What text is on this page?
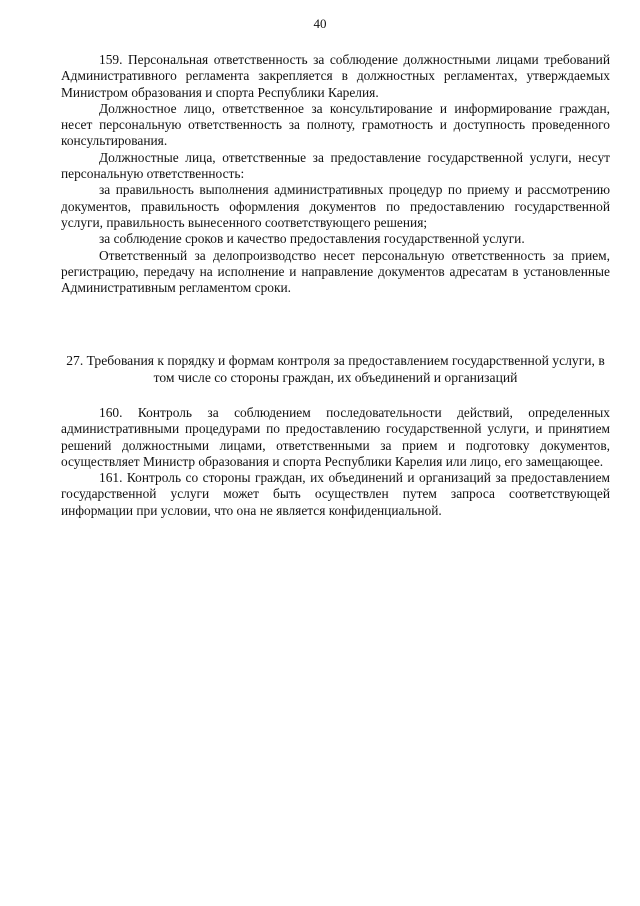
40

159. Персональная ответственность за соблюдение должностными лицами требований Административного регламента закрепляется в должностных регламентах, утверждаемых Министром образования и спорта Республики Карелия.

Должностное лицо, ответственное за консультирование и информирование граждан, несет персональную ответственность за полноту, грамотность и доступность проведенного консультирования.

Должностные лица, ответственные за предоставление государственной услуги, несут персональную ответственность:

за правильность выполнения административных процедур по приему и рассмотрению документов, правильность оформления документов по предоставлению государственной услуги, правильность вынесенного соответствующего решения;

за соблюдение сроков и качество предоставления государственной услуги.

Ответственный за делопроизводство несет персональную ответственность за прием, регистрацию, передачу на исполнение и направление документов адресатам в установленные Административным регламентом сроки.

27. Требования к порядку и формам контроля за предоставлением государственной услуги, в том числе со стороны граждан, их объединений и организаций

160. Контроль за соблюдением последовательности действий, определенных административными процедурами по предоставлению государственной услуги, и принятием решений должностными лицами, ответственными за прием и подготовку документов, осуществляет Министр образования и спорта Республики Карелия или лицо, его замещающее.

161. Контроль со стороны граждан, их объединений и организаций за предоставлением государственной услуги может быть осуществлен путем запроса соответствующей информации при условии, что она не является конфиденциальной.
